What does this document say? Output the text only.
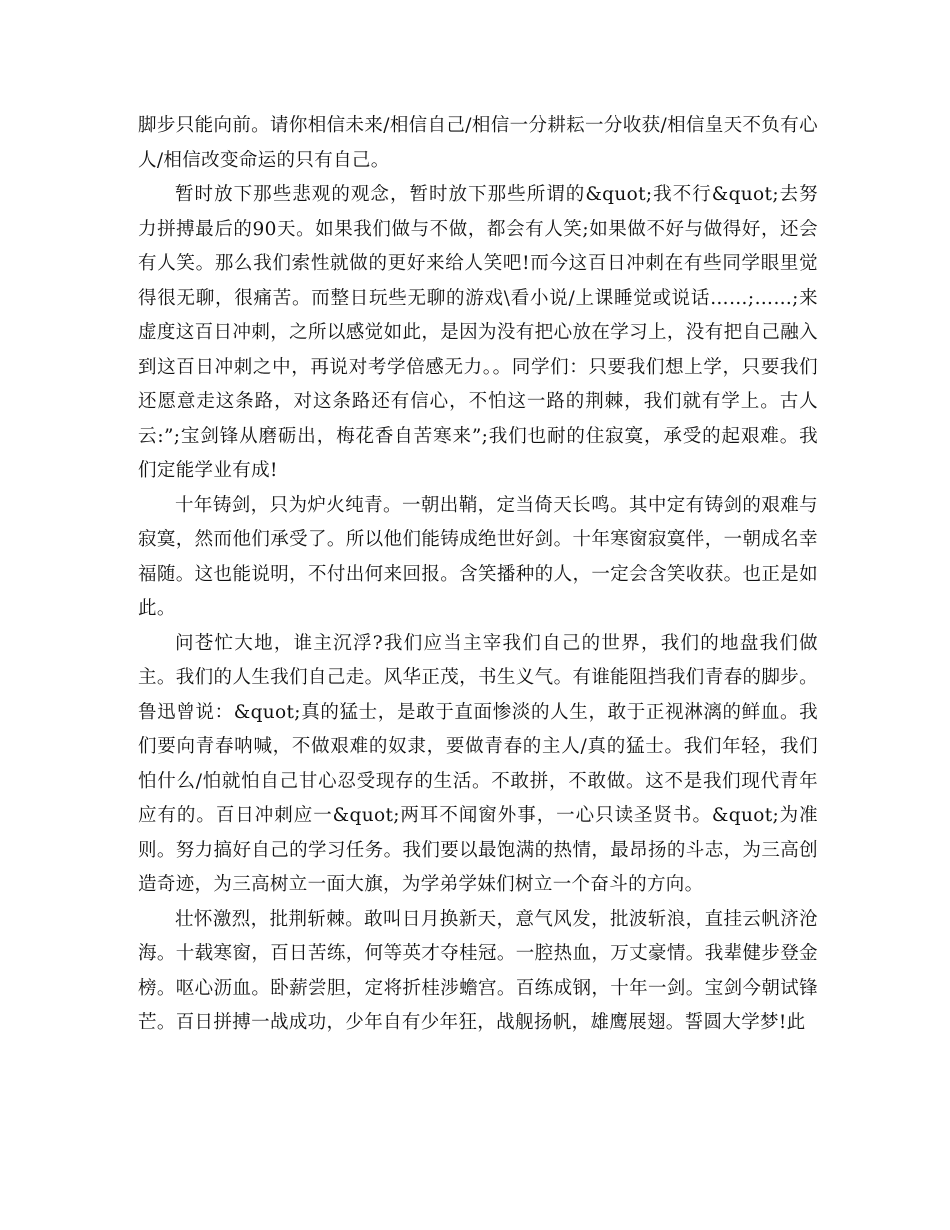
脚步只能向前。请你相信未来/相信自己/相信一分耕耘一分收获/相信皇天不负有心人/相信改变命运的只有自己。

暂时放下那些悲观的观念，暂时放下那些所谓的&quot;我不行&quot;去努力拼搏最后的90天。如果我们做与不做，都会有人笑;如果做不好与做得好，还会有人笑。那么我们索性就做的更好来给人笑吧!而今这百日冲刺在有些同学眼里觉得很无聊，很痛苦。而整日玩些无聊的游戏\看小说/上课睡觉或说话……;……;来虚度这百日冲刺，之所以感觉如此，是因为没有把心放在学习上，没有把自己融入到这百日冲刺之中，再说对考学倍感无力。。同学们：只要我们想上学，只要我们还愿意走这条路，对这条路还有信心，不怕这一路的荆棘，我们就有学上。古人云:”;宝剑锋从磨砺出，梅花香自苦寒来”;我们也耐的住寂寞，承受的起艰难。我们定能学业有成!

十年铸剑，只为炉火纯青。一朝出鞘，定当倚天长鸣。其中定有铸剑的艰难与寂寞，然而他们承受了。所以他们能铸成绝世好剑。十年寒窗寂寞伴，一朝成名幸福随。这也能说明，不付出何来回报。含笑播种的人，一定会含笑收获。也正是如此。

问苍忙大地，谁主沉浮?我们应当主宰我们自己的世界，我们的地盘我们做主。我们的人生我们自己走。风华正茂，书生义气。有谁能阻挡我们青春的脚步。鲁迅曾说：&quot;真的猛士，是敢于直面惨淡的人生，敢于正视淋漓的鲜血。我们要向青春呐喊，不做艰难的奴隶，要做青春的主人/真的猛士。我们年轻，我们怕什么/怕就怕自己甘心忍受现存的生活。不敢拼，不敢做。这不是我们现代青年应有的。百日冲刺应一&quot;两耳不闻窗外事，一心只读圣贤书。&quot;为准则。努力搞好自己的学习任务。我们要以最饱满的热情，最昂扬的斗志，为三高创造奇迹，为三高树立一面大旗，为学弟学妹们树立一个奋斗的方向。

壮怀激烈，批荆斩棘。敢叫日月换新天，意气风发，批波斩浪，直挂云帆济沧海。十载寒窗，百日苦练，何等英才夺桂冠。一腔热血，万丈豪情。我辈健步登金榜。呕心沥血。卧薪尝胆，定将折桂涉蟾宫。百练成钢，十年一剑。宝剑今朝试锋芒。百日拼搏一战成功，少年自有少年狂，战舰扬帆，雄鹰展翅。誓圆大学梦!此
